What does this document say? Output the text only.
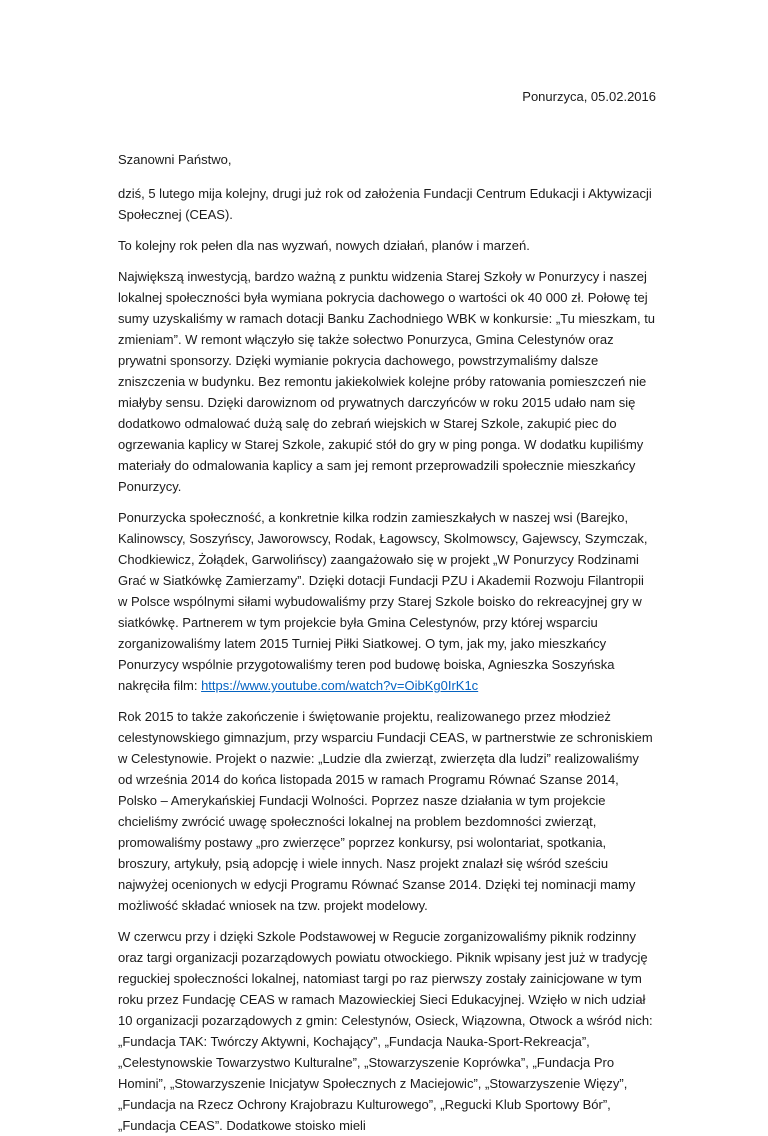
Ponurzyca, 05.02.2016
Szanowni Państwo,

dziś, 5 lutego mija kolejny, drugi już rok od założenia Fundacji Centrum Edukacji i Aktywizacji Społecznej (CEAS).

To kolejny rok pełen dla nas wyzwań, nowych działań, planów i marzeń.

Największą inwestycją, bardzo ważną z punktu widzenia Starej Szkoły w Ponurzycy i naszej lokalnej społeczności była wymiana pokrycia dachowego o wartości ok 40 000 zł. Połowę tej sumy uzyskaliśmy w ramach dotacji Banku Zachodniego WBK w konkursie: „Tu mieszkam, tu zmieniam”. W remont włączyło się także sołectwo Ponurzyca, Gmina Celestynów oraz prywatni sponsorzy. Dzięki wymianie pokrycia dachowego, powstrzymaliśmy dalsze zniszczenia w budynku. Bez remontu jakiekolwiek kolejne próby ratowania pomieszczeń nie miałyby sensu. Dzięki darowiznom od prywatnych darczyńców w roku 2015 udało nam się dodatkowo odmalować dużą salę do zebrań wiejskich w Starej Szkole, zakupić piec do ogrzewania kaplicy w Starej Szkole, zakupić stół do gry w ping ponga. W dodatku kupiliśmy materiały do odmalowania kaplicy a sam jej remont przeprowadzili społecznie mieszkańcy Ponurzycy.

Ponurzycka społeczność, a konkretnie kilka rodzin zamieszkałych w naszej wsi (Barejko, Kalinowscy, Soszyńscy, Jaworowscy, Rodak, Łagowscy, Skolmowscy, Gajewscy, Szymczak, Chodkiewicz, Żołądek, Garwolińscy) zaangażowało się w projekt „W Ponurzycy Rodzinami Grać w Siatkówkę Zamierzamy”. Dzięki dotacji Fundacji PZU i Akademii Rozwoju Filantropii w Polsce wspólnymi siłami wybudowaliśmy przy Starej Szkole boisko do rekreacyjnej gry w siatkówkę. Partnerem w tym projekcie była Gmina Celestynów, przy której wsparciu zorganizowaliśmy latem 2015 Turniej Piłki Siatkowej. O tym, jak my, jako mieszkańcy Ponurzycy wspólnie przygotowaliśmy teren pod budowę boiska, Agnieszka Soszyńska nakręciła film: https://www.youtube.com/watch?v=OibKg0IrK1c

Rok 2015 to także zakończenie i świętowanie projektu, realizowanego przez młodzież celestynowskiego gimnazjum, przy wsparciu Fundacji CEAS, w partnerstwie ze schroniskiem w Celestynowie. Projekt o nazwie: „Ludzie dla zwierząt, zwierzęta dla ludzi” realizowaliśmy od września 2014 do końca listopada 2015 w ramach Programu Równać Szanse 2014, Polsko – Amerykańskiej Fundacji Wolności. Poprzez nasze działania w tym projekcie chcieliśmy zwrócić uwagę społeczności lokalnej na problem bezdomności zwierząt, promowaliśmy postawy „pro zwierzęce” poprzez konkursy, psi wolontariat, spotkania, broszury, artykuły, psią adopcję i wiele innych. Nasz projekt znalazł się wśród sześciu najwyżej ocenionych w edycji Programu Równać Szanse 2014. Dzięki tej nominacji mamy możliwość składać wniosek na tzw. projekt modelowy.

W czerwcu przy i dzięki Szkole Podstawowej w Regucie zorganizowaliśmy piknik rodzinny oraz targi organizacji pozarządowych powiatu otwockiego. Piknik wpisany jest już w tradycję reguckiej społeczności lokalnej, natomiast targi po raz pierwszy zostały zainicjowane w tym roku przez Fundację CEAS w ramach Mazowieckiej Sieci Edukacyjnej. Wzięło w nich udział 10 organizacji pozarządowych z gmin: Celestynów, Osieck, Wiązowna, Otwock a wśród nich: „Fundacja TAK: Twórczy Aktywni, Kochający”, „Fundacja Nauka-Sport-Rekreacja”, „Celestynowskie Towarzystwo Kulturalne”, „Stowarzyszenie Koprówka”, „Fundacja Pro Homini”, „Stowarzyszenie Inicjatyw Społecznych z Maciejowic”, „Stowarzyszenie Więzy”, „Fundacja na Rzecz Ochrony Krajobrazu Kulturowego”, „Regucki Klub Sportowy Bór”, „Fundacja CEAS”. Dodatkowe stoisko mieli
